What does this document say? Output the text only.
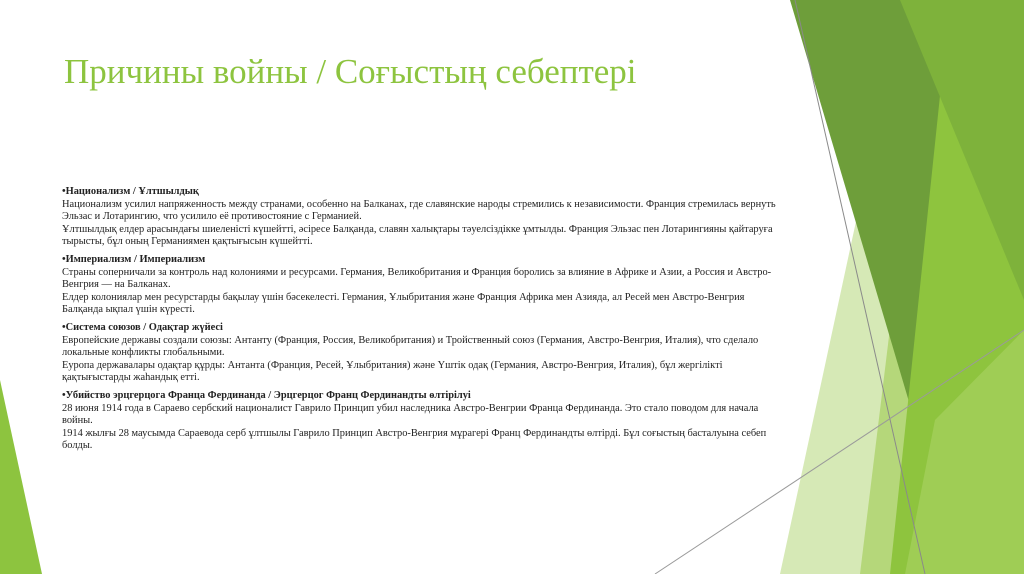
Причины войны / Соғыстың себептері
•Национализм / Ұлтшылдық
Национализм усилил напряженность между странами, особенно на Балканах, где славянские народы стремились к независимости. Франция стремилась вернуть Эльзас и Лотарингию, что усилило её противостояние с Германией.
Ұлтшылдық елдер арасындағы шиеленісті күшейтті, әсіресе Балқанда, славян халықтары тәуелсіздікке ұмтылды. Франция Эльзас пен Лотарингияны қайтаруға тырысты, бұл оның Германиямен қақтығысын күшейтті.
•Империализм / Империализм
Страны соперничали за контроль над колониями и ресурсами. Германия, Великобритания и Франция боролись за влияние в Африке и Азии, а Россия и Австро-Венгрия — на Балканах.
Елдер колониялар мен ресурстарды бақылау үшін бәсекелесті. Германия, Ұлыбритания және Франция Африка мен Азияда, ал Ресей мен Австро-Венгрия Балқанда ықпал үшін күресті.
•Система союзов / Одақтар жүйесі
Европейские державы создали союзы: Антанту (Франция, Россия, Великобритания) и Тройственный союз (Германия, Австро-Венгрия, Италия), что сделало локальные конфликты глобальными.
Еуропа державалары одақтар құрды: Антанта (Франция, Ресей, Ұлыбритания) және Үштік одақ (Германия, Австро-Венгрия, Италия), бұл жергілікті қақтығыстарды жаһандық етті.
•Убийство эрцгерцога Франца Фердинанда / Эрцгерцог Франц Фердинандты өлтірілуі
28 июня 1914 года в Сараево сербский националист Гаврило Принцип убил наследника Австро-Венгрии Франца Фердинанда. Это стало поводом для начала войны.
1914 жылғы 28 маусымда Сараеводa серб ұлтшылы Гаврило Принцип Австро-Венгрия мұрагері Франц Фердинандты өлтірді. Бұл соғыстың басталуына себеп болды.
